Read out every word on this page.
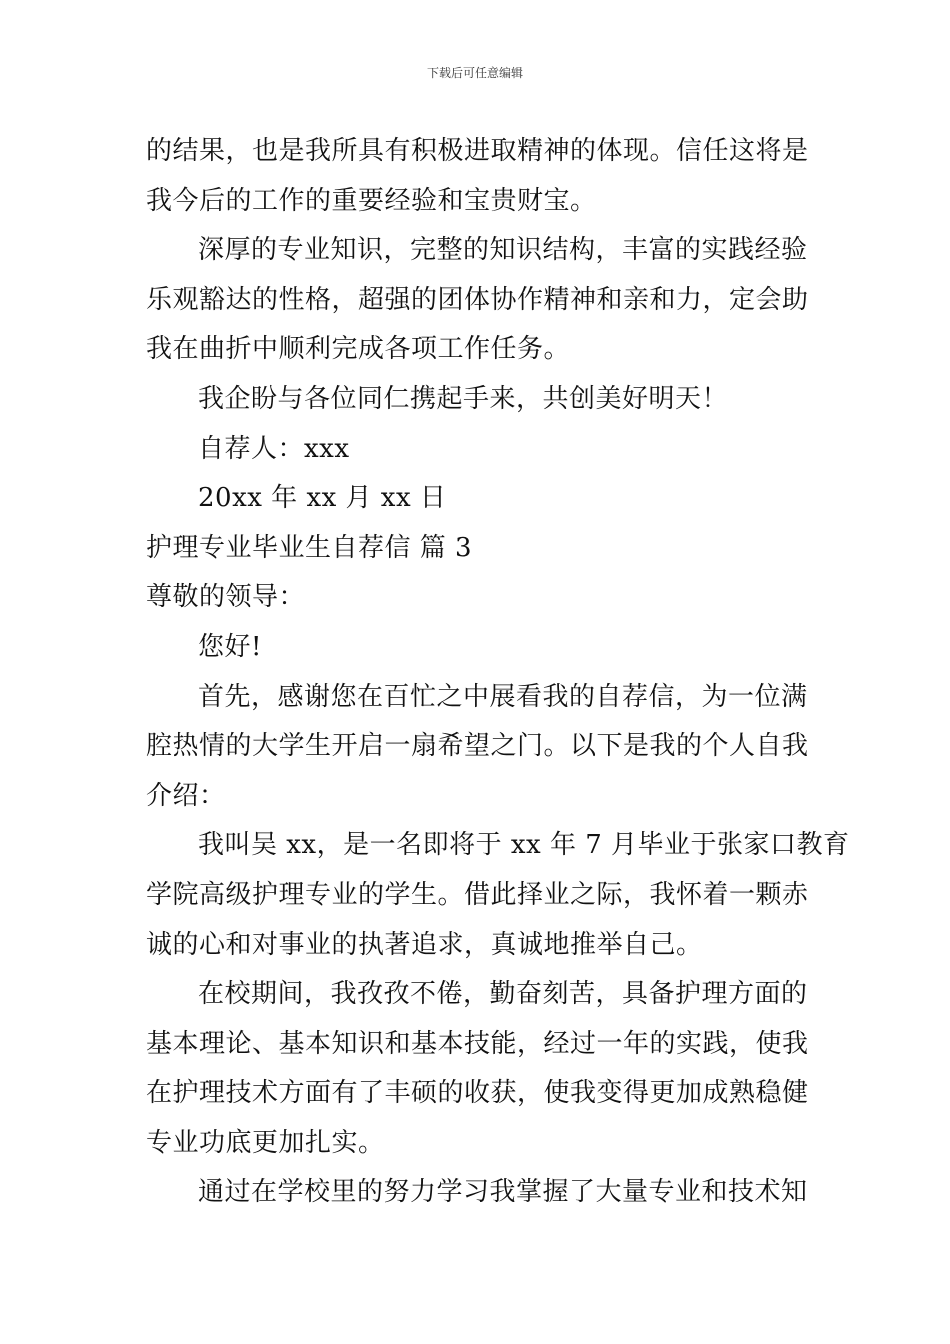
下载后可任意编辑
的结果，也是我所具有积极进取精神的体现。信任这将是
我今后的工作的重要经验和宝贵财宝。
深厚的专业知识，完整的知识结构，丰富的实践经验
乐观豁达的性格，超强的团体协作精神和亲和力，定会助
我在曲折中顺利完成各项工作任务。
我企盼与各位同仁携起手来，共创美好明天！
自荐人：xxx
20xx 年 xx 月 xx 日
护理专业毕业生自荐信 篇 3
尊敬的领导：
您好!
首先，感谢您在百忙之中展看我的自荐信，为一位满
腔热情的大学生开启一扇希望之门。以下是我的个人自我
介绍：
我叫吴 xx，是一名即将于 xx 年 7 月毕业于张家口教育
学院高级护理专业的学生。借此择业之际，我怀着一颗赤
诚的心和对事业的执著追求，真诚地推举自己。
在校期间，我孜孜不倦，勤奋刻苦，具备护理方面的
基本理论、基本知识和基本技能，经过一年的实践，使我
在护理技术方面有了丰硕的收获，使我变得更加成熟稳健
专业功底更加扎实。
通过在学校里的努力学习我掌握了大量专业和技术知
